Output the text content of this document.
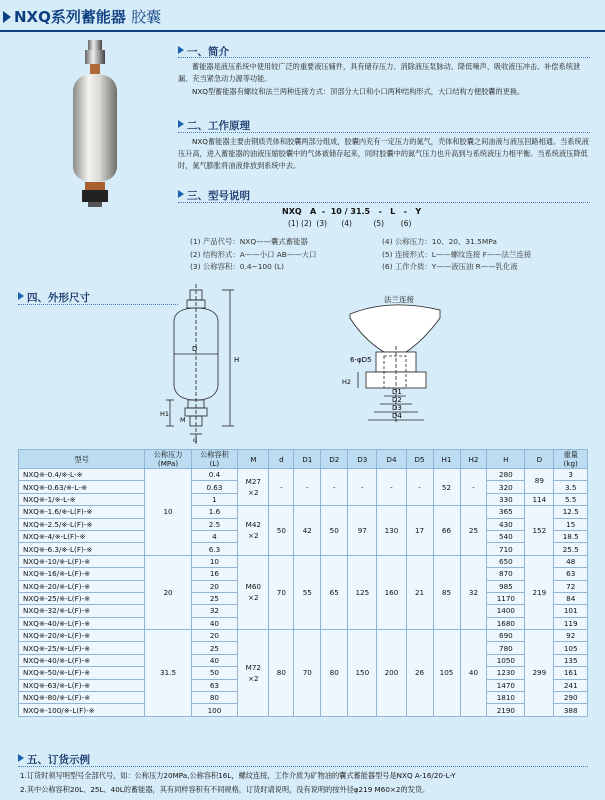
NXQ系列蓄能器 胶囊
一、简介
蓄能器是液压系统中使用较广泛的重要液压辅件，具有储存压力、消除液压泵脉动、降低噪声、吸收液压冲击、补偿系统泄漏、充当紧急动力源等功能。
NXQ型蓄能器有螺纹和法兰两种连接方式：顶部分大口和小口两种结构形式，大口结构方便胶囊的更换。
二、工作原理
NXQ蓄能器主要由钢质壳体和胶囊两部分组成，胶囊内充有一定压力的氮气，壳体和胶囊之间油液与液压回路相通。当系统液压升高，进入蓄能器的油液压缩胶囊中的气体被储存起来，同时胶囊中的氮气压力也升高到与系统液压力相平衡。当系统液压降低时，氮气膨胀将油液排放到系统中去。
三、型号说明
NXQ A - 10 / 31.5 - L - Y
(1) (2) (3) (4)	(5) (6)
(1) 产品代号：NXQ——囊式蓄能器
(2) 结构形式：A——小口 AB——大口
(3) 公称容积：0.4~100 (L)
(4) 公称压力：10、20、31.5MPa
(5) 连接形式：L——螺纹连接 F——法兰连接
(6) 工作介质：Y——液压油 R——乳化液
四、外形尺寸
H
D
H1
M
d
法兰连接
6-φD5
H2
D1
D2
D3
D4
型号	公称压力
(MPa)	公称容积
(L)	M	d	D1	D2	D3	D4	D5	H1	H2	H	D	重量
(kg)
NXQ※-0.4/※-L-※	10	0.4	M27
×2	-	-	-	-	-	-	52	-	280	89	3
NXQ※-0.63/※-L-※		0.63										320		3.5
NXQ※-1/※-L-※		1										330	114	5.5
NXQ※-1.6/※-L(F)-※		1.6	M42
×2	50	42	50	97	130	17	66	25	365	152	12.5
NXQ※-2.5/※-L(F)-※		2.5										430		15
NXQ※-4/※-L(F)-※		4										540		18.5
NXQ※-6.3/※-L(F)-※		6.3										710		25.5
NXQ※-10/※-L(F)-※	20	10	M60
×2	70	55	65	125	160	21	85	32	650	219	48
NXQ※-16/※-L(F)-※		16										870		63
NXQ※-20/※-L(F)-※		20										985		72
NXQ※-25/※-L(F)-※		25										1170		84
NXQ※-32/※-L(F)-※		32										1400		101
NXQ※-40/※-L(F)-※		40										1680		119
NXQ※-20/※-L(F)-※	31.5	20	M72
×2	80	70	80	150	200	26	105	40	690	299	92
NXQ※-25/※-L(F)-※		25										780		105
NXQ※-40/※-L(F)-※		40										1050		135
NXQ※-50/※-L(F)-※		50										1230		161
NXQ※-63/※-L(F)-※		63										1470		241
NXQ※-80/※-L(F)-※		80										1810		290
NXQ※-100/※-L(F)-※		100										2190		388
五、订货示例
1.订货时须写明型号全部代号，如：公称压力20MPa,公称容积16L，螺纹连接，工作介质为矿物油的囊式蓄能器型号是NXQ A-16/20-L-Y
2.其中公称容积20L、25L、40L的蓄能器，其有同样容积有不同规格，订货时请说明，没有说明的按外径φ219 M60×2的发货。
